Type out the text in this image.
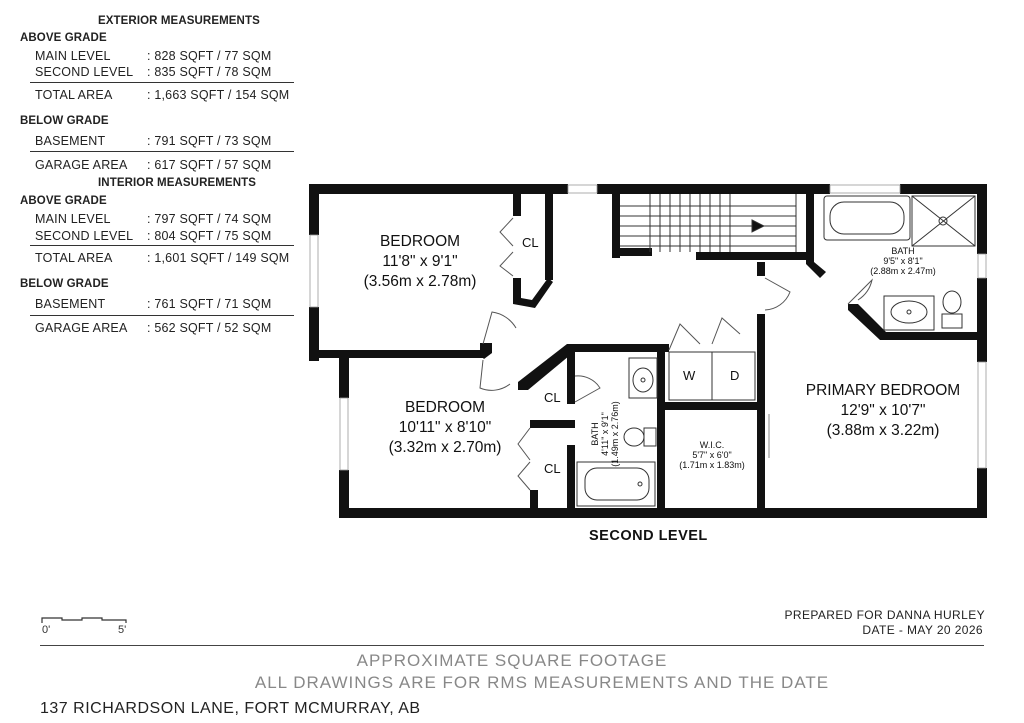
EXTERIOR MEASUREMENTS
ABOVE GRADE
MAIN LEVEL	: 828 SQFT / 77 SQM
SECOND LEVEL : 835 SQFT / 78 SQM
TOTAL AREA	: 1,663 SQFT / 154 SQM
BELOW GRADE
BASEMENT	: 791 SQFT / 73 SQM
GARAGE AREA : 617 SQFT / 57 SQM
INTERIOR MEASUREMENTS
ABOVE GRADE
MAIN LEVEL	: 797 SQFT / 74 SQM
SECOND LEVEL : 804 SQFT / 75 SQM
TOTAL AREA	: 1,601 SQFT / 149 SQM
BELOW GRADE
BASEMENT	: 761 SQFT / 71 SQM
GARAGE AREA : 562 SQFT / 52 SQM
BEDROOM
11'8" x 9'1"
(3.56m x 2.78m)
BEDROOM
10'11" x 8'10"
(3.32m x 2.70m)
PRIMARY BEDROOM
12'9" x 10'7"
(3.88m x 3.22m)
BATH
9'5" x 8'1"
(2.88m x 2.47m)
BATH 4'11" x 9'1" (1.49m x 2.76m)	W.I.C.
5'7" x 6'0"
(1.71m x 1.83m)
CL
CL
CL
W	D
SECOND LEVEL
0'	5'
PREPARED FOR DANNA HURLEY
DATE - MAY 20 2026
APPROXIMATE SQUARE FOOTAGE
ALL DRAWINGS ARE FOR RMS MEASUREMENTS AND THE DATE
137 RICHARDSON LANE, FORT MCMURRAY, AB
